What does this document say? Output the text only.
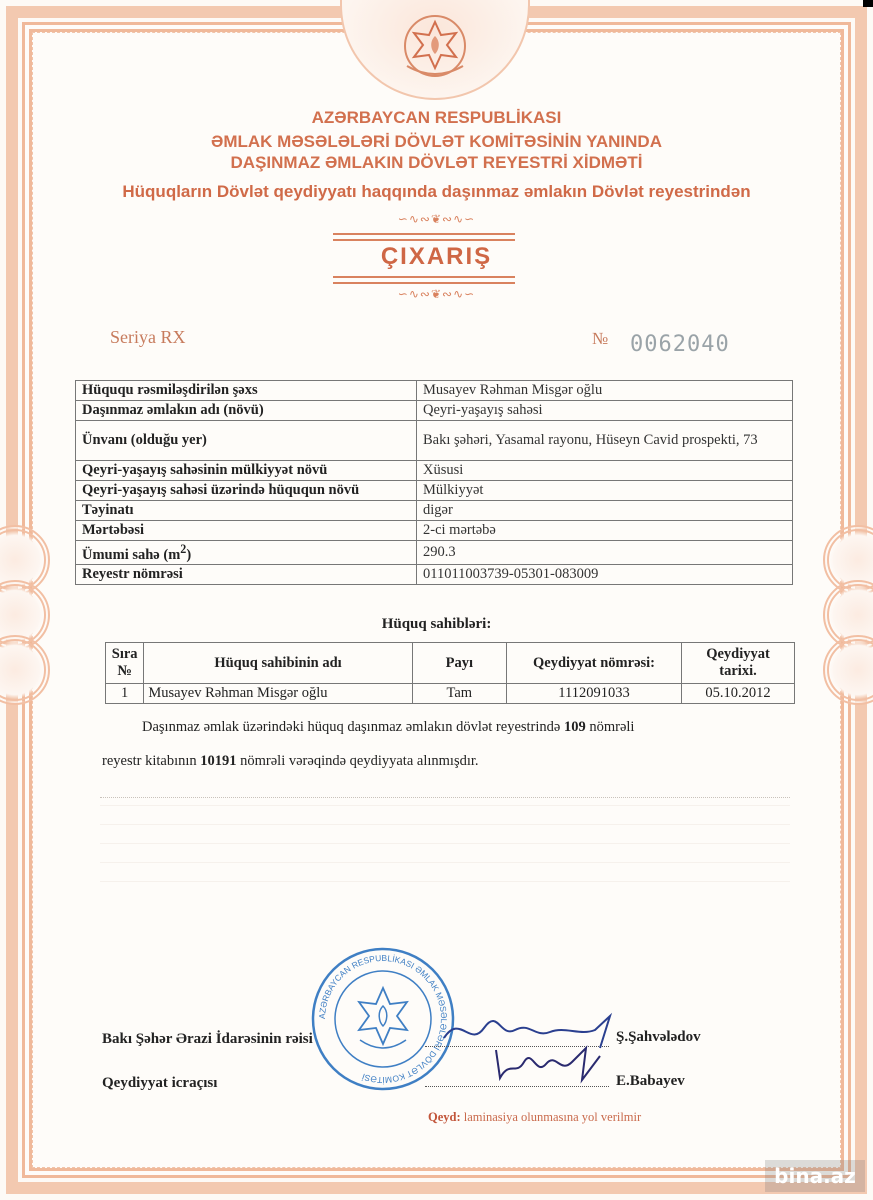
AZƏRBAYCAN RESPUBLİKASI
ƏMLAK MƏSƏLƏLƏRİ DÖVLƏT KOMİTƏSİNİN YANINDA
DAŞINMAZ ƏMLAKIN DÖVLƏT REYESTRİ XİDMƏTİ
Hüquqların Dövlət qeydiyyatı haqqında daşınmaz əmlakın Dövlət reyestrindən
∽∿∾❦∾∿∽
ÇIXARIŞ
∽∿∾❦∾∿∽
Seriya RX	№ 0062040
Hüququ rəsmiləşdirilən şəxs	Musayev Rəhman Misgər oğlu
Daşınmaz əmlakın adı (növü)	Qeyri-yaşayış sahəsi
Ünvanı (olduğu yer)	Bakı şəhəri, Yasamal rayonu, Hüseyn Cavid prospekti, 73
Qeyri-yaşayış sahəsinin mülkiyyət növü	Xüsusi
Qeyri-yaşayış sahəsi üzərində hüququn növü	Mülkiyyət
Təyinatı	digər
Mərtəbəsi	2-ci mərtəbə
Ümumi sahə $(m^2)$	290.3
Reyestr nömrəsi	011011003739-05301-083009
Hüquq sahibləri:
Sıra №	Hüquq sahibinin adı	Payı	Qeydiyyat nömrəsi:	Qeydiyyat tarixi.
1	Musayev Rəhman Misgər oğlu	Tam	1112091033	05.10.2012
Daşınmaz əmlak üzərindəki hüquq daşınmaz əmlakın dövlət reyestrində 109 nömrəli
reyestr kitabının 10191 nömrəli vərəqində qeydiyyata alınmışdır.
AZƏRBAYCAN RESPUBLİKASI ƏMLAK MƏSƏLƏLƏRİ DÖVLƏT KOMİTƏSİ
Bakı Şəhər Ərazi İdarəsinin rəisi	Ş.Şahvələdov
Qeydiyyat icraçısı	E.Babayev
Qeyd: laminasiya olunmasına yol verilmir
bina.az
